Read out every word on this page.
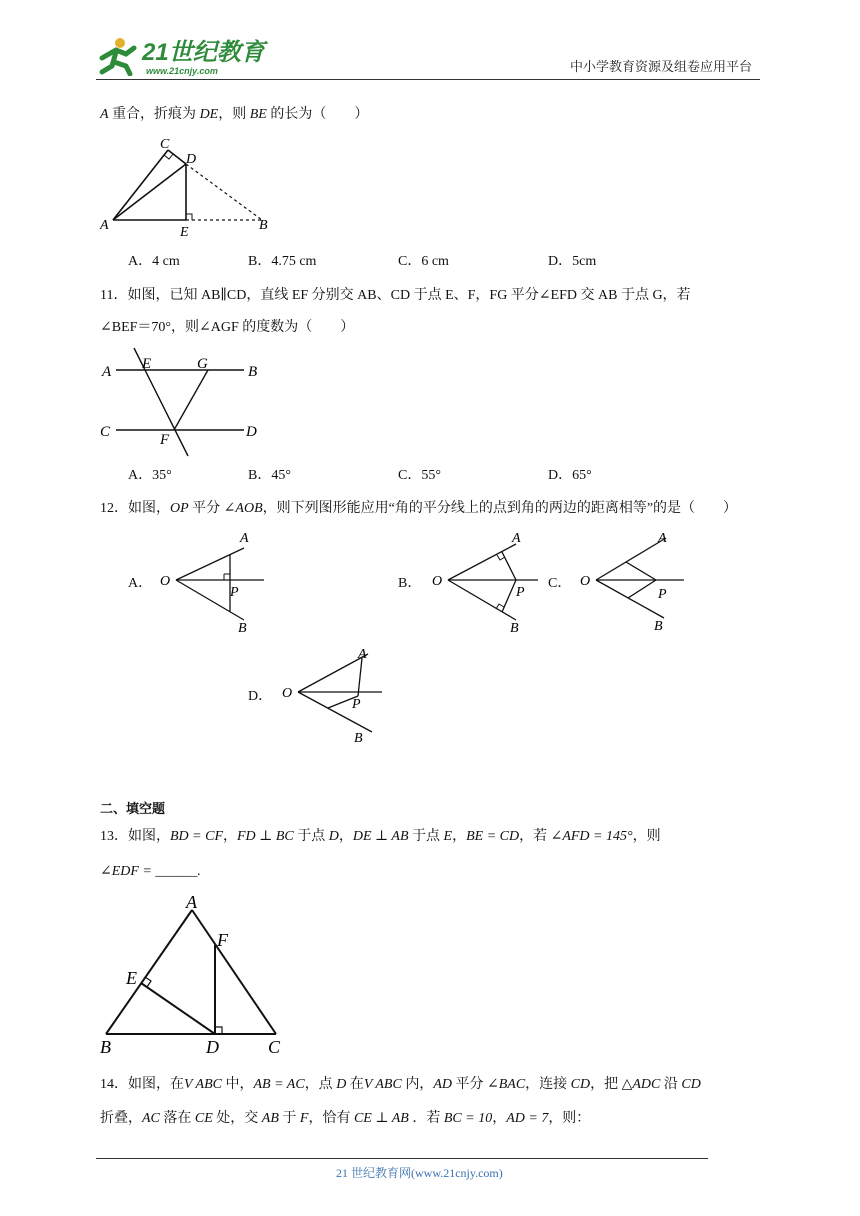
21世纪教育
www.21cnjy.com	中小学教育资源及组卷应用平台
A 重合，折痕为 DE，则 BE 的长为（　　）
C
D
A	E	B
A．4 cm	B．4.75 cm	C．6 cm	D．5cm
11．如图，已知 AB∥CD，直线 EF 分别交 AB、CD 于点 E、F，FG 平分∠EFD 交 AB 于点 G，若
∠BEF＝70°，则∠AGF 的度数为（　　）
A E	G	B
C	F	D
A．35°	B．45°	C．55°	D．65°
12．如图，OP 平分 ∠AOB，则下列图形能应用“角的平分线上的点到角的两边的距离相等”的是（　　）
A． O
A
P
B
B． O
A
P
B
C． O
A
P
B
D． O
A
P
B
二、填空题
13．如图，BD = CF，FD ⊥ BC 于点 D，DE ⊥ AB 于点 E，BE = CD，若 ∠AFD = 145°，则
∠EDF = ______.
A
F
E
B	D	C
14．如图，在V ABC 中，AB = AC，点 D 在V ABC 内，AD 平分 ∠BAC，连接 CD，把 △ADC 沿 CD
折叠，AC 落在 CE 处，交 AB 于 F，恰有 CE ⊥ AB ．若 BC = 10，AD = 7，则：
21 世纪教育网(www.21cnjy.com)
